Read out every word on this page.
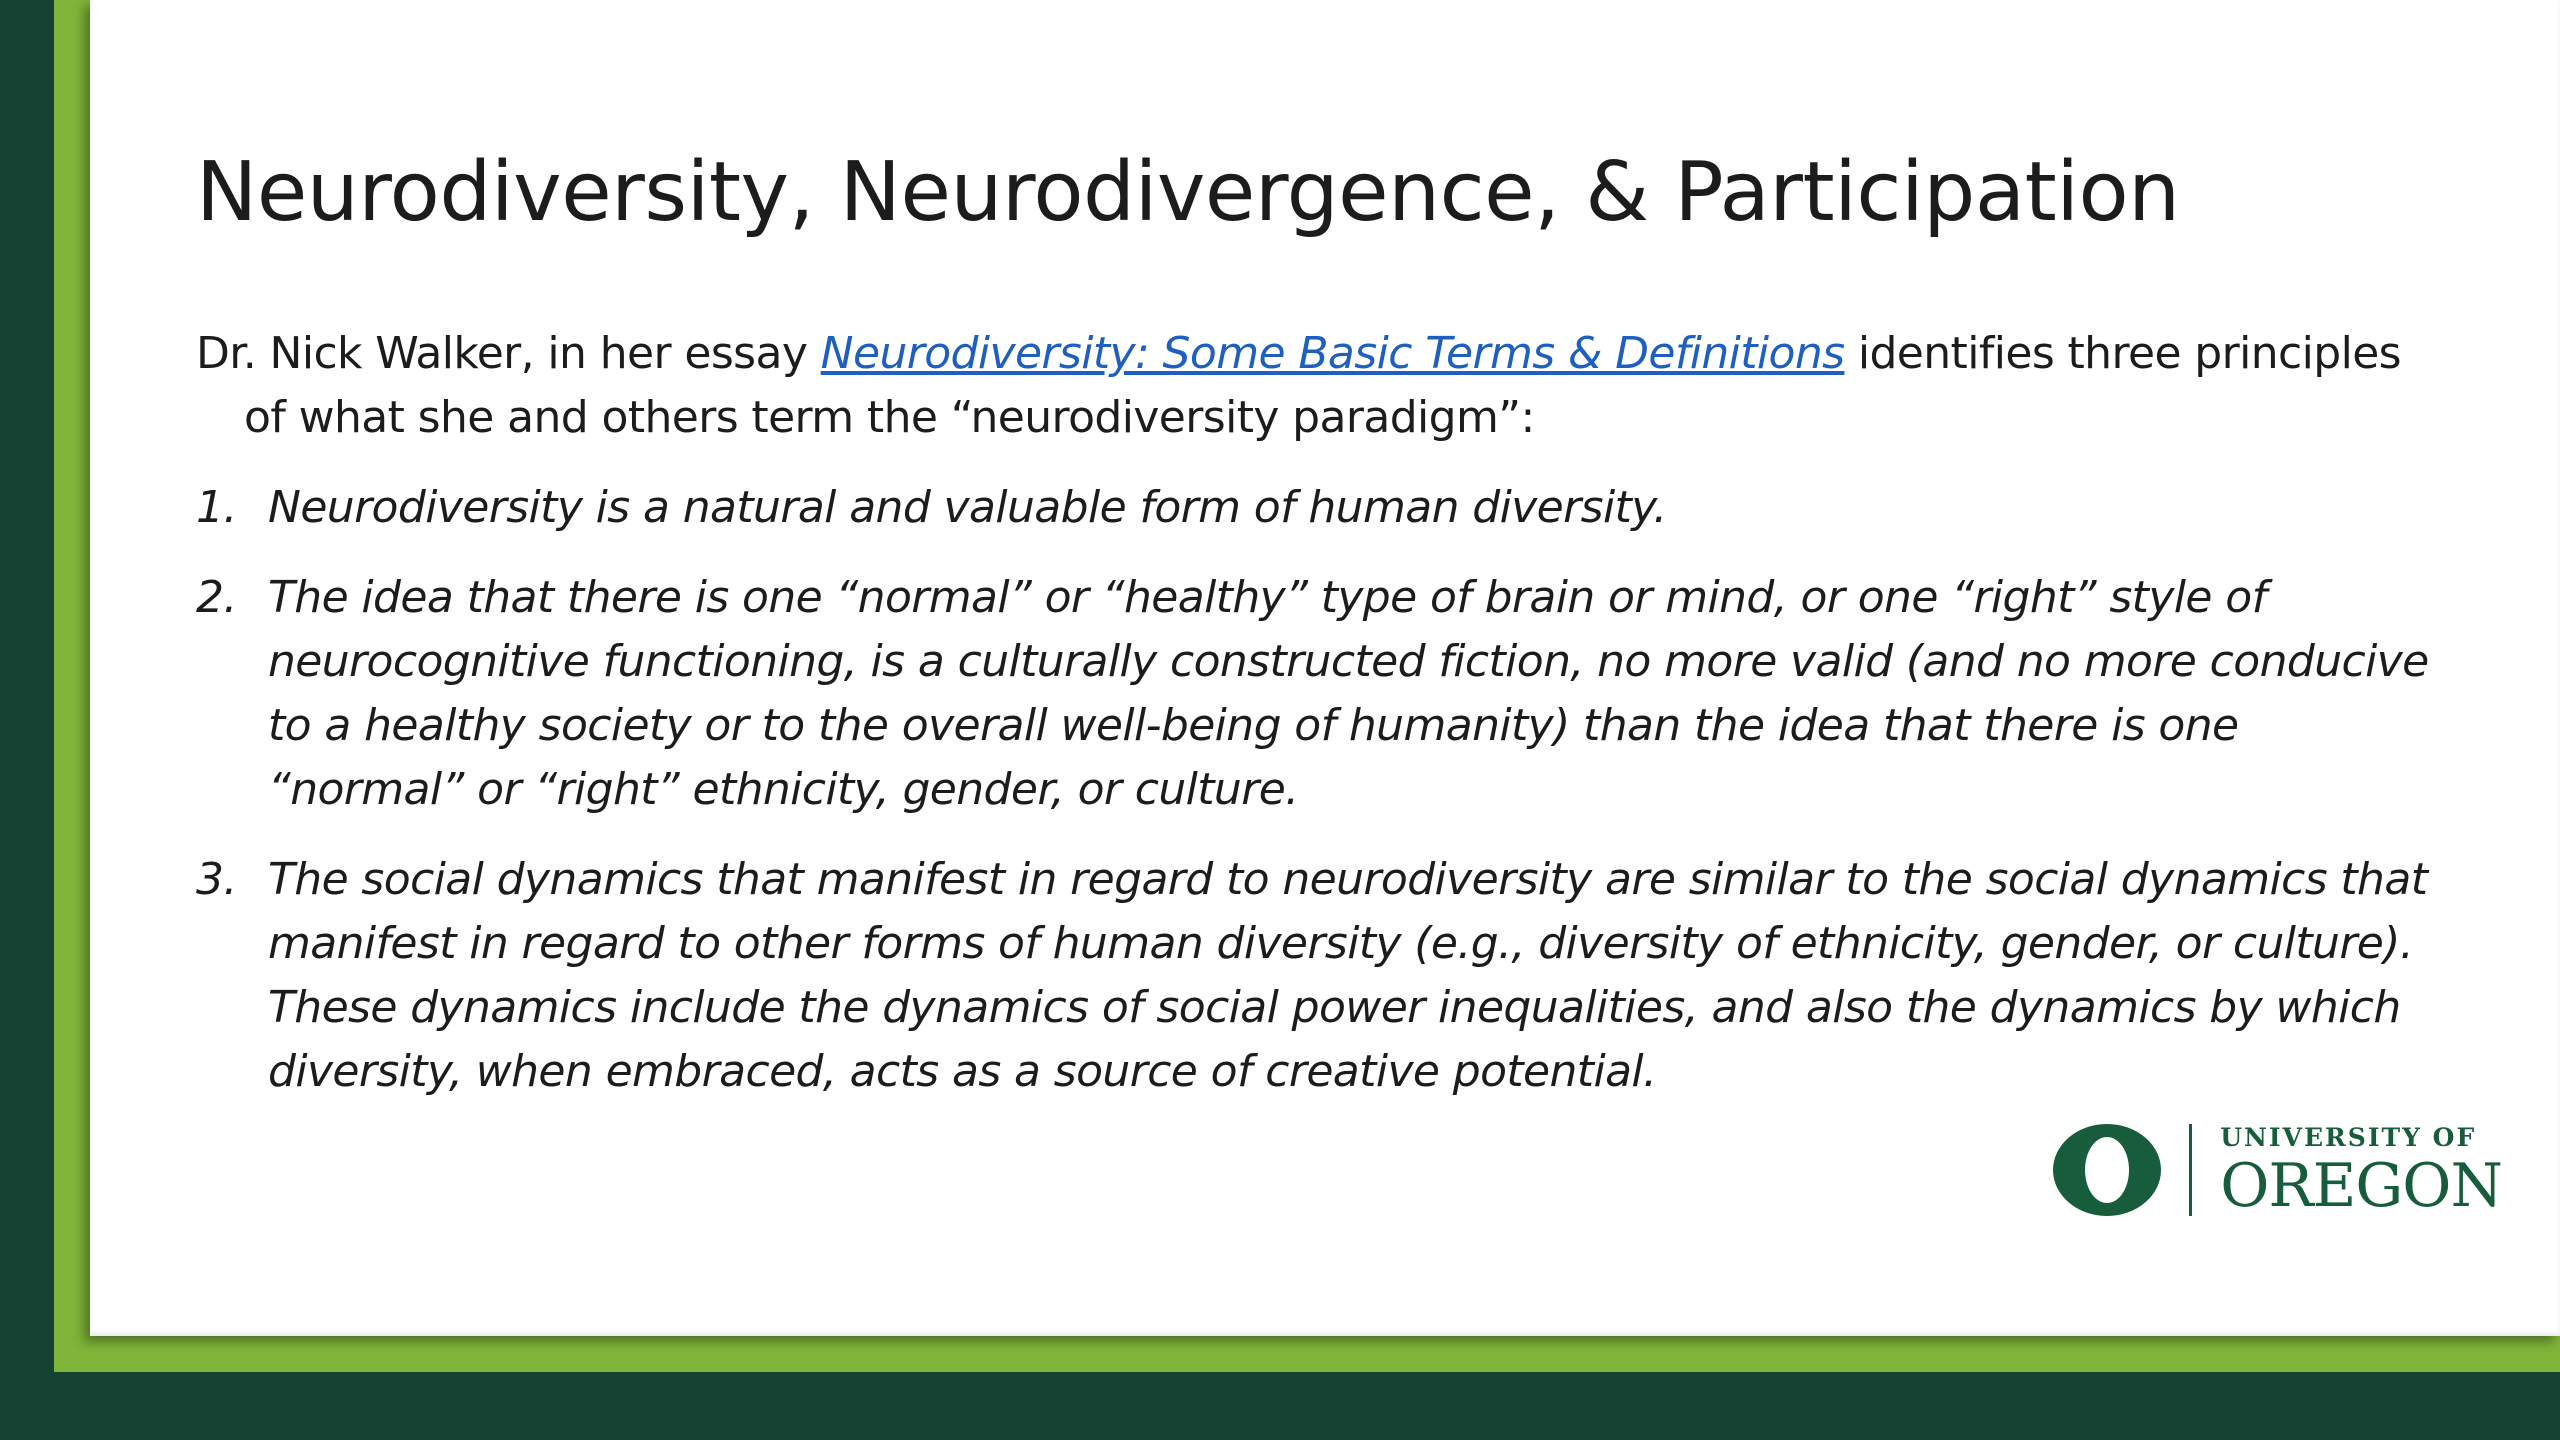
Neurodiversity, Neurodivergence, & Participation

Dr. Nick Walker, in her essay Neurodiversity: Some Basic Terms & Definitions identifies three principles of what she and others term the “neurodiversity paradigm”:

1. Neurodiversity is a natural and valuable form of human diversity.
2. The idea that there is one “normal” or “healthy” type of brain or mind, or one “right” style of neurocognitive functioning, is a culturally constructed fiction, no more valid (and no more conducive to a healthy society or to the overall well-being of humanity) than the idea that there is one “normal” or “right” ethnicity, gender, or culture.
3. The social dynamics that manifest in regard to neurodiversity are similar to the social dynamics that manifest in regard to other forms of human diversity (e.g., diversity of ethnicity, gender, or culture). These dynamics include the dynamics of social power inequalities, and also the dynamics by which diversity, when embraced, acts as a source of creative potential.
UNIVERSITY OF
OREGON
